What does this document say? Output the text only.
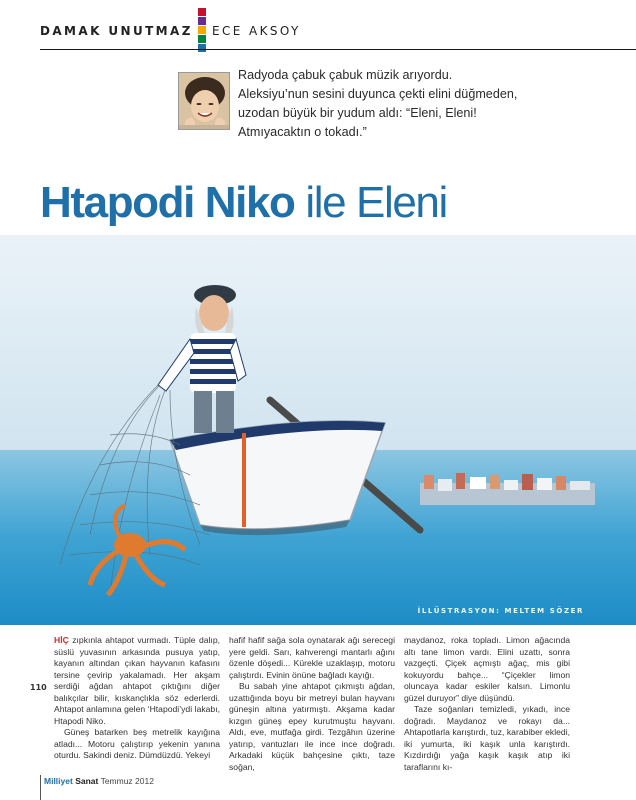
DAMAK UNUTMAZ ECE AKSOY
Radyoda çabuk çabuk müzik arıyordu.
Aleksiyu’nun sesini duyunca çekti elini düğmeden,
uzodan büyük bir yudum aldı: “Eleni, Eleni!
Atmıyacaktın o tokadı.”
Htapodi Niko ile Eleni
İLLÜSTRASYON: MELTEM SÖZER
110

HİÇ zıpkınla ahtapot vurmadı. Tüple dalıp, süslü yuvasının arkasında pusuya yatıp, kayanın altından çıkan hayvanın kafasını tersine çevirip yakalamadı. Her akşam serdiği ağdan ahtapot çıktığını diğer balıkçılar bilir, kıskançlıkla söz ederlerdi. Ahtapot anlamına gelen ‘Htapodi’ydi lakabı, Htapodi Niko.

Güneş batarken beş metrelik kayığına atladı... Motoru çalıştırıp yekenin yanına oturdu. Sakindi deniz. Dümdüzdü. Yekeyi

hafif hafif sağa sola oynatarak ağı serecegi yere geldi. Sarı, kahverengi mantarlı ağını özenle döşedi... Kürekle uzaklaşıp, motoru çalıştırdı. Evinin önüne bağladı kayığı.

Bu sabah yine ahtapot çıkmıştı ağdan, uzattığında boyu bir metreyi bulan hayvanı güneşin altına yatırmıştı. Akşama kadar kızgın güneş epey kurutmuştu hayvanı. Aldı, eve, mutfağa girdi. Tezgâhın üzerine yatırıp, vantuzları ile ince ince doğradı. Arkadaki küçük bahçesine çıktı, taze soğan,

maydanoz, roka topladı. Limon ağacında altı tane limon vardı. Elini uzattı, sonra vazgeçti. Çiçek açmıştı ağaç, mis gibi kokuyordu bahçe... “Çiçekler limon oluncaya kadar eskiler kalsın. Limonlu güzel duruyor” diye düşündü.

Taze soğanları temizledi, yıkadı, ince doğradı. Maydanoz ve rokayı da... Ahtapotlarla karıştırdı, tuz, karabiber ekledi, iki yumurta, iki kaşık unla karıştırdı. Kızdırdığı yağa kaşık kaşık atıp iki taraflarını kı-

Milliyet Sanat Temmuz 2012
